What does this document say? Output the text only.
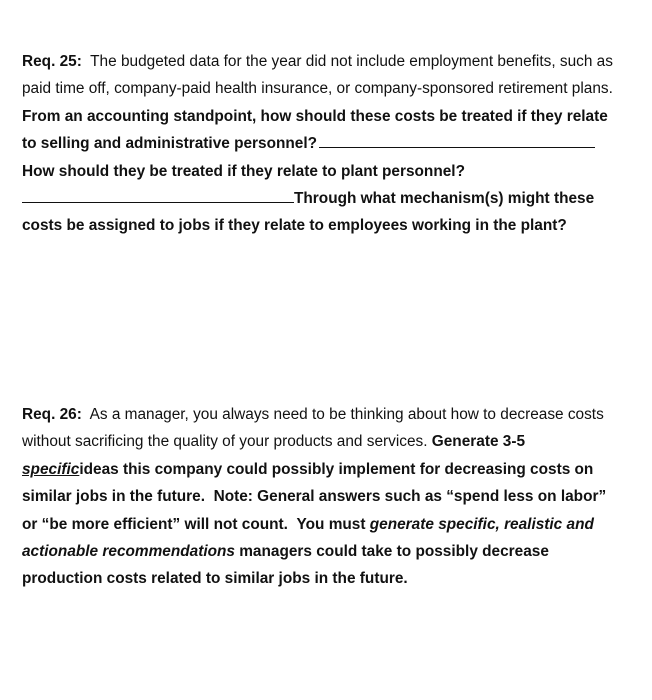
Req. 25: The budgeted data for the year did not include employment benefits, such as paid time off, company-paid health insurance, or company-sponsored retirement plans.  From an accounting standpoint, how should these costs be treated if they relate to selling and administrative personnel?How should they be treated if they relate to plant personnel?
Through what mechanism(s) might these costs be assigned to jobs if they relate to employees working in the plant?
Req. 26: As a manager, you always need to be thinking about how to decrease costs without sacrificing the quality of your products and services. Generate 3-5 specificideas this company could possibly implement for decreasing costs on similar jobs in the future. Note: General answers such as “spend less on labor” or “be more efficient” will not count. You must generate specific, realistic and actionable recommendations managers could take to possibly decrease production costs related to similar jobs in the future.
